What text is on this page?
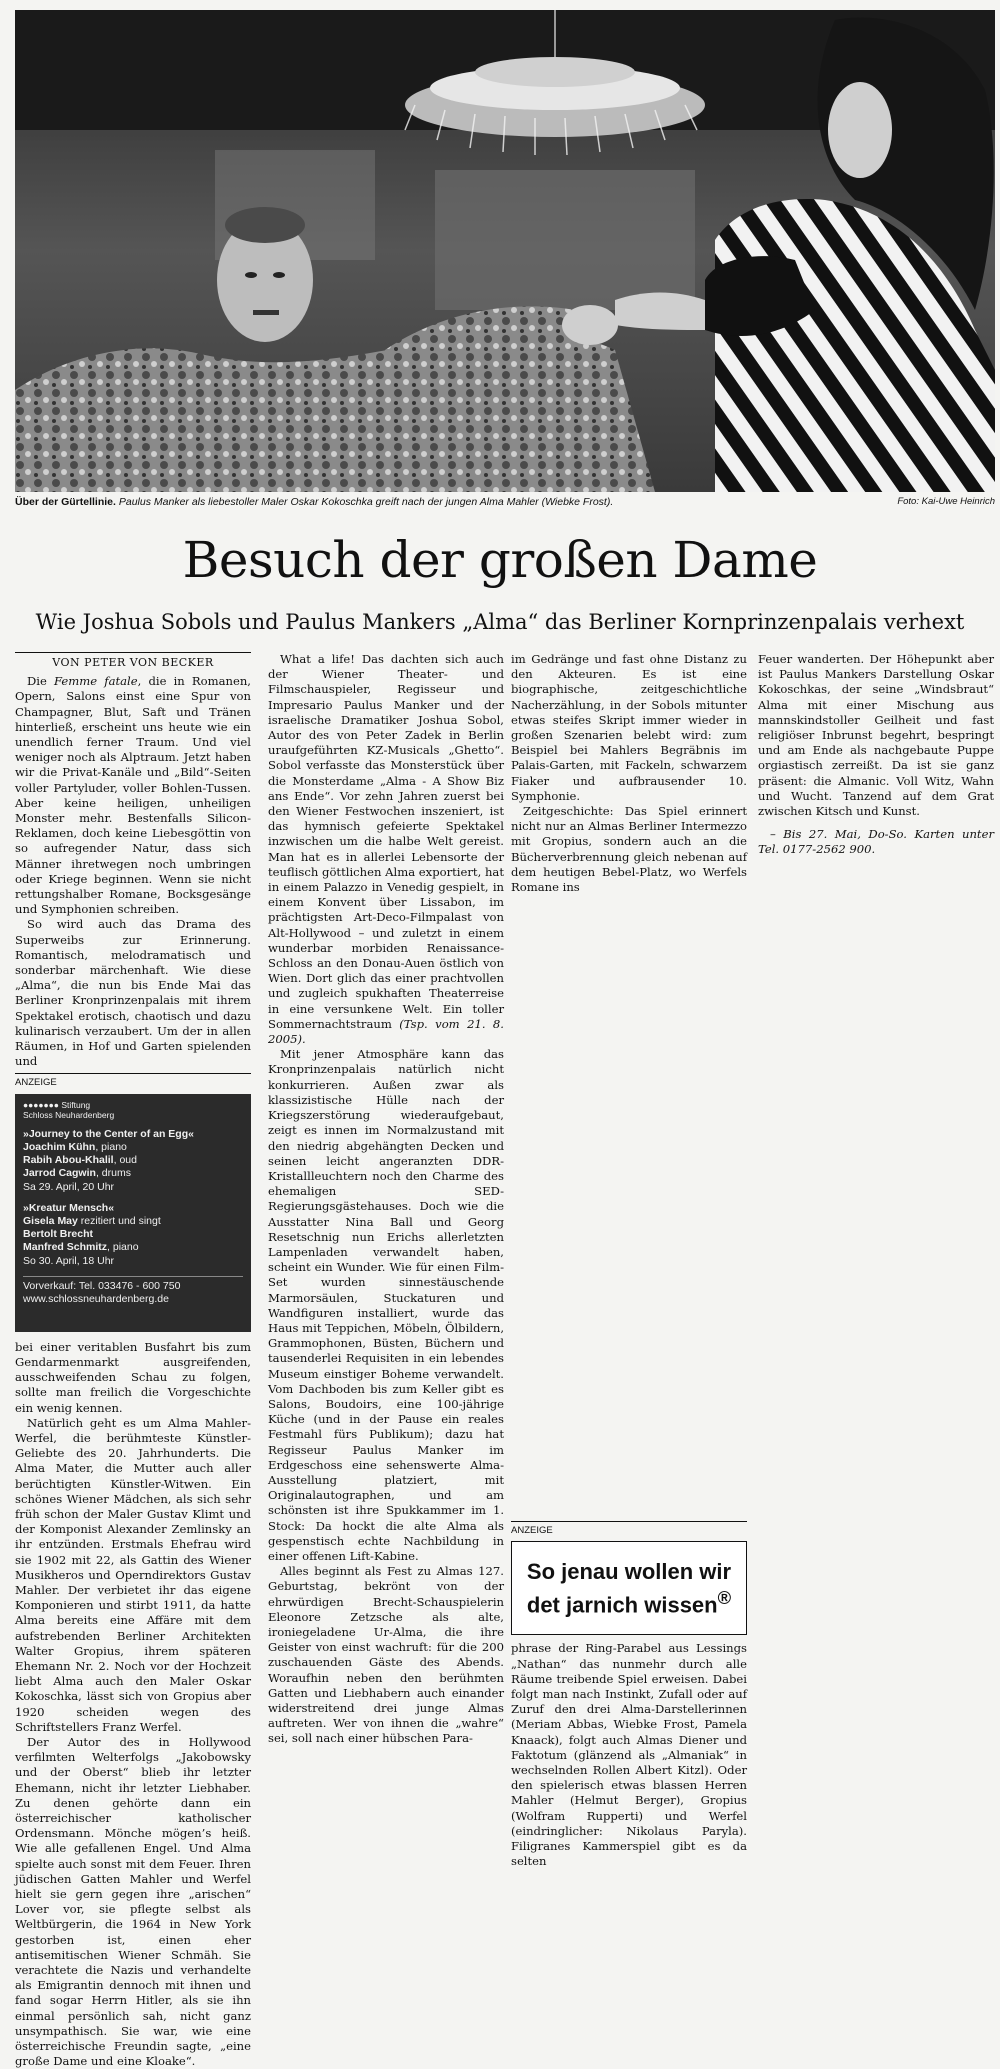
Über der Gürtellinie. Paulus Manker als liebestoller Maler Oskar Kokoschka greift nach der jungen Alma Mahler (Wiebke Frost).	Foto: Kai-Uwe Heinrich
Besuch der großen Dame
Wie Joshua Sobols und Paulus Mankers „Alma“ das Berliner Kornprinzenpalais verhext
VON PETER VON BECKER

Die Femme fatale, die in Romanen, Opern, Salons einst eine Spur von Champagner, Blut, Saft und Tränen hinterließ, erscheint uns heute wie ein unendlich ferner Traum. Und viel weniger noch als Alptraum. Jetzt haben wir die Privat-Kanäle und „Bild“-Seiten voller Partyluder, voller Bohlen-Tussen. Aber keine heiligen, unheiligen Monster mehr. Bestenfalls Silicon-Reklamen, doch keine Liebesgöttin von so aufregender Natur, dass sich Männer ihretwegen noch umbringen oder Kriege beginnen. Wenn sie nicht rettungshalber Romane, Bocksgesänge und Symphonien schreiben.

So wird auch das Drama des Superweibs zur Erinnerung. Romantisch, melodramatisch und sonderbar märchenhaft. Wie diese „Alma“, die nun bis Ende Mai das Berliner Kronprinzenpalais mit ihrem Spektakel erotisch, chaotisch und dazu kulinarisch verzaubert. Um der in allen Räumen, in Hof und Garten spielenden und

ANZEIGE
●●●●●●● Stiftung
Schloss Neuhardenberg
»Journey to the Center of an Egg«
Joachim Kühn, piano
Rabih Abou-Khalil, oud
Jarrod Cagwin, drums
Sa 29. April, 20 Uhr
»Kreatur Mensch«
Gisela May rezitiert und singt
Bertolt Brecht
Manfred Schmitz, piano
So 30. April, 18 Uhr
Vorverkauf: Tel. 033476 - 600 750
www.schlossneuhardenberg.de

bei einer veritablen Busfahrt bis zum Gendarmenmarkt ausgreifenden, ausschweifenden Schau zu folgen, sollte man freilich die Vorgeschichte ein wenig kennen.

Natürlich geht es um Alma Mahler-Werfel, die berühmteste Künstler-Geliebte des 20. Jahrhunderts. Die Alma Mater, die Mutter auch aller berüchtigten Künstler-Witwen. Ein schönes Wiener Mädchen, als sich sehr früh schon der Maler Gustav Klimt und der Komponist Alexander Zemlinsky an ihr entzünden. Erstmals Ehefrau wird sie 1902 mit 22, als Gattin des Wiener Musikheros und Operndirektors Gustav Mahler. Der verbietet ihr das eigene Komponieren und stirbt 1911, da hatte Alma bereits eine Affäre mit dem aufstrebenden Berliner Architekten Walter Gropius, ihrem späteren Ehemann Nr. 2. Noch vor der Hochzeit liebt Alma auch den Maler Oskar Kokoschka, lässt sich von Gropius aber 1920 scheiden wegen des Schriftstellers Franz Werfel.

Der Autor des in Hollywood verfilmten Welterfolgs „Jakobowsky und der Oberst“ blieb ihr letzter Ehemann, nicht ihr letzter Liebhaber. Zu denen gehörte dann ein österreichischer katholischer Ordensmann. Mönche mögen’s heiß. Wie alle gefallenen Engel. Und Alma spielte auch sonst mit dem Feuer. Ihren jüdischen Gatten Mahler und Werfel hielt sie gern gegen ihre „arischen“ Lover vor, sie pflegte selbst als Weltbürgerin, die 1964 in New York gestorben ist, einen eher antisemitischen Wiener Schmäh. Sie verachtete die Nazis und verhandelte als Emigrantin dennoch mit ihnen und fand sogar Herrn Hitler, als sie ihn einmal persönlich sah, nicht ganz unsympathisch. Sie war, wie eine österreichische Freundin sagte, „eine große Dame und eine Kloake“.

What a life! Das dachten sich auch der Wiener Theater- und Filmschauspieler, Regisseur und Impresario Paulus Manker und der israelische Dramatiker Joshua Sobol, Autor des von Peter Zadek in Berlin uraufgeführten KZ-Musicals „Ghetto“. Sobol verfasste das Monsterstück über die Monsterdame „Alma - A Show Biz ans Ende“. Vor zehn Jahren zuerst bei den Wiener Festwochen inszeniert, ist das hymnisch gefeierte Spektakel inzwischen um die halbe Welt gereist. Man hat es in allerlei Lebensorte der teuflisch göttlichen Alma exportiert, hat in einem Palazzo in Venedig gespielt, in einem Konvent über Lissabon, im prächtigsten Art-Deco-Filmpalast von Alt-Hollywood – und zuletzt in einem wunderbar morbiden Renaissance-Schloss an den Donau-Auen östlich von Wien. Dort glich das einer prachtvollen und zugleich spukhaften Theaterreise in eine versunkene Welt. Ein toller Sommernachtstraum (Tsp. vom 21. 8. 2005).

Mit jener Atmosphäre kann das Kronprinzenpalais natürlich nicht konkurrieren. Außen zwar als klassizistische Hülle nach der Kriegszerstörung wiederaufgebaut, zeigt es innen im Normalzustand mit den niedrig abgehängten Decken und seinen leicht angeranzten DDR-Kristallleuchtern noch den Charme des ehemaligen SED-Regierungsgästehauses. Doch wie die Ausstatter Nina Ball und Georg Resetschnig nun Erichs allerletzten Lampenladen verwandelt haben, scheint ein Wunder. Wie für einen Film-Set wurden sinnestäuschende Marmorsäulen, Stuckaturen und Wandfiguren installiert, wurde das Haus mit Teppichen, Möbeln, Ölbildern, Grammophonen, Büsten, Büchern und tausenderlei Requisiten in ein lebendes Museum einstiger Boheme verwandelt. Vom Dachboden bis zum Keller gibt es Salons, Boudoirs, eine 100-jährige Küche (und in der Pause ein reales Festmahl fürs Publikum); dazu hat Regisseur Paulus Manker im Erdgeschoss eine sehenswerte Alma-Ausstellung platziert, mit Originalautographen, und am schönsten ist ihre Spukkammer im 1. Stock: Da hockt die alte Alma als gespenstisch echte Nachbildung in einer offenen Lift-Kabine.

Alles beginnt als Fest zu Almas 127. Geburtstag, bekrönt von der ehrwürdigen Brecht-Schauspielerin Eleonore Zetzsche als alte, ironiegeladene Ur-Alma, die ihre Geister von einst wachruft: für die 200 zuschauenden Gäste des Abends. Woraufhin neben den berühmten Gatten und Liebhabern auch einander widerstreitend drei junge Almas auftreten. Wer von ihnen die „wahre“ sei, soll nach einer hübschen Para-

im Gedränge und fast ohne Distanz zu den Akteuren. Es ist eine biographische, zeitgeschichtliche Nacherzählung, in der Sobols mitunter etwas steifes Skript immer wieder in großen Szenarien belebt wird: zum Beispiel bei Mahlers Begräbnis im Palais-Garten, mit Fackeln, schwarzem Fiaker und aufbrausender 10. Symphonie.

Zeitgeschichte: Das Spiel erinnert nicht nur an Almas Berliner Intermezzo mit Gropius, sondern auch an die Bücherverbrennung gleich nebenan auf dem heutigen Bebel-Platz, wo Werfels Romane ins

ANZEIGE
So jenau wollen wir
det jarnich wissen®

phrase der Ring-Parabel aus Lessings „Nathan“ das nunmehr durch alle Räume treibende Spiel erweisen. Dabei folgt man nach Instinkt, Zufall oder auf Zuruf den drei Alma-Darstellerinnen (Meriam Abbas, Wiebke Frost, Pamela Knaack), folgt auch Almas Diener und Faktotum (glänzend als „Almaniak“ in wechselnden Rollen Albert Kitzl). Oder den spielerisch etwas blassen Herren Mahler (Helmut Berger), Gropius (Wolfram Rupperti) und Werfel (eindringlicher: Nikolaus Paryla). Filigranes Kammerspiel gibt es da selten

Feuer wanderten. Der Höhepunkt aber ist Paulus Mankers Darstellung Oskar Kokoschkas, der seine „Windsbraut“ Alma mit einer Mischung aus mannskindstoller Geilheit und fast religiöser Inbrunst begehrt, bespringt und am Ende als nachgebaute Puppe orgiastisch zerreißt. Da ist sie ganz präsent: die Almanic. Voll Witz, Wahn und Wucht. Tanzend auf dem Grat zwischen Kitsch und Kunst.

– Bis 27. Mai, Do-So. Karten unter Tel. 0177-2562 900.
